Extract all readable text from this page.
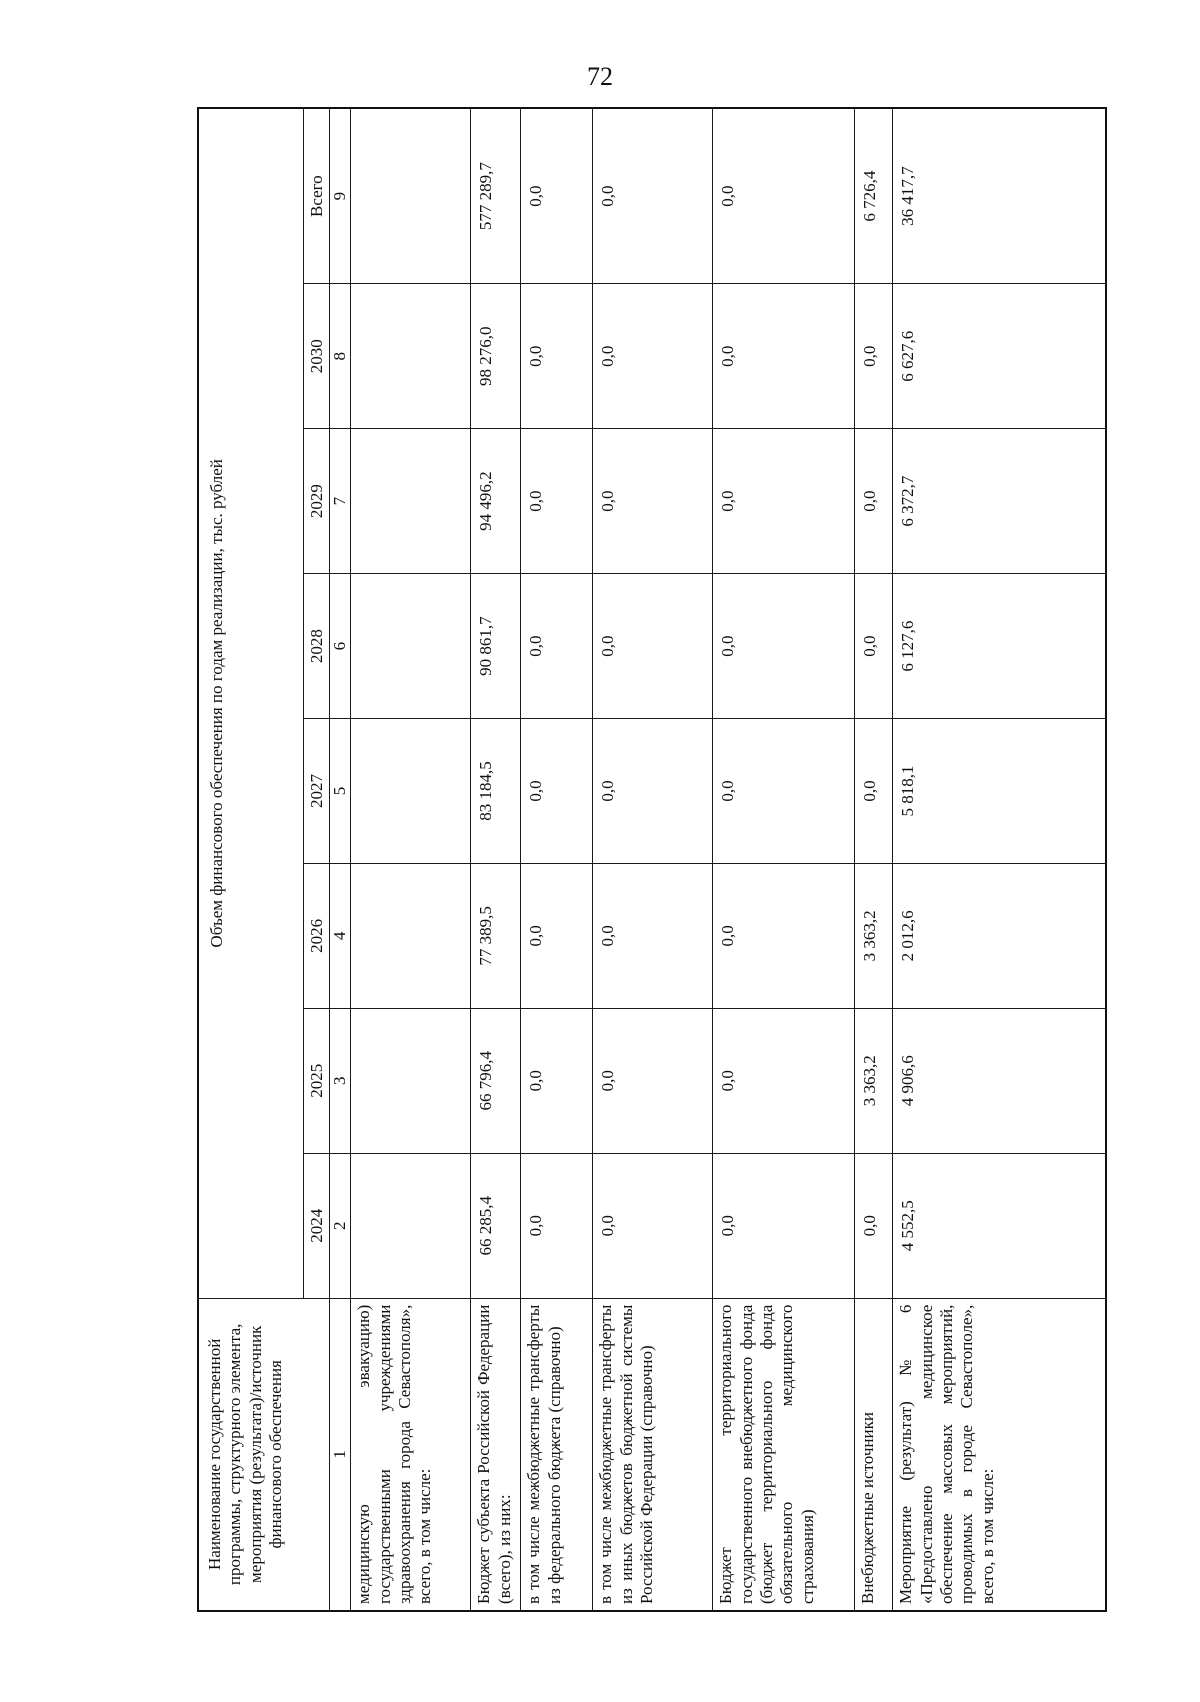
72
Наименование государственной программы, структурного элемента, мероприятия (результата)/источник финансового обеспечения	Объем финансового обеспечения по годам реализации, тыс. рублей							
	2024	2025	2026	2027	2028	2029	2030	Всего
1	2	3	4	5	6	7	8	9
медицинскую эвакуацию) государственными учреждениями здравоохранения города Севастополя», всего, в том числе:								
Бюджет субъекта Российской Федерации (всего), из них:	66 285,4	66 796,4	77 389,5	83 184,5	90 861,7	94 496,2	98 276,0	577 289,7
в том числе межбюджетные трансферты из федерального бюджета (справочно)	0,0	0,0	0,0	0,0	0,0	0,0	0,0	0,0
в том числе межбюджетные трансферты из иных бюджетов бюджетной системы Российской Федерации (справочно)	0,0	0,0	0,0	0,0	0,0	0,0	0,0	0,0
Бюджет территориального государственного внебюджетного фонда (бюджет территориального фонда обязательного медицинского страхования)	0,0	0,0	0,0	0,0	0,0	0,0	0,0	0,0
Внебюджетные источники	0,0	3 363,2	3 363,2	0,0	0,0	0,0	0,0	6 726,4
Мероприятие (результат) № 6 «Предоставлено медицинское обеспечение массовых мероприятий, проводимых в городе Севастополе», всего, в том числе:	4 552,5	4 906,6	2 012,6	5 818,1	6 127,6	6 372,7	6 627,6	36 417,7
